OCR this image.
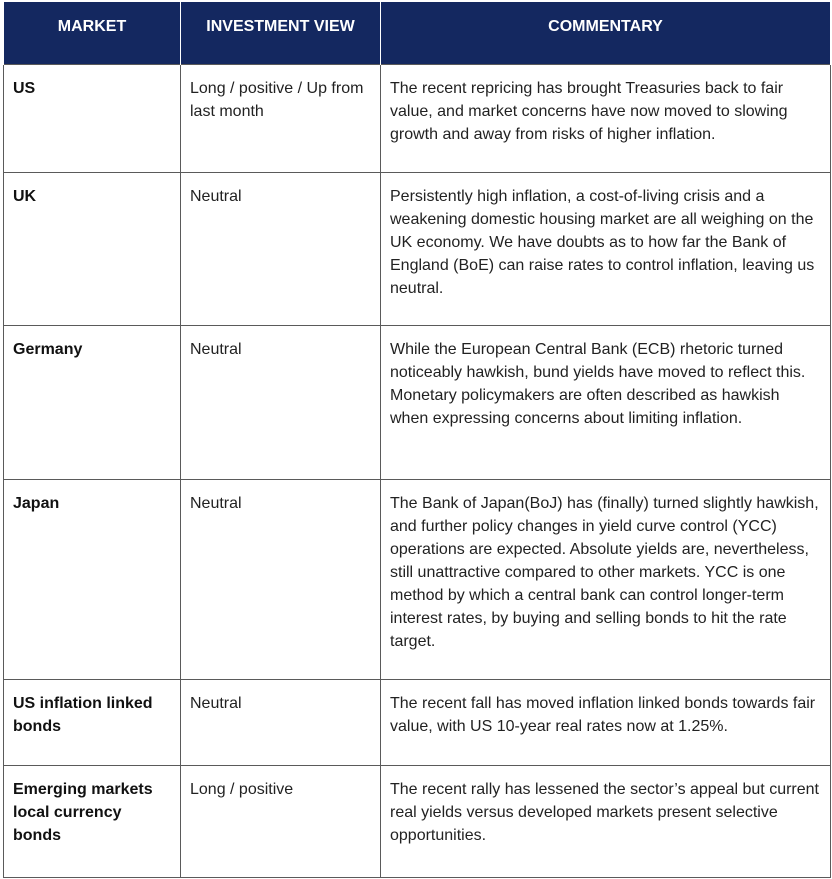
MARKET	INVESTMENT VIEW	COMMENTARY
US	Long / positive / Up from last month	The recent repricing has brought Treasuries back to fair value, and market concerns have now moved to slowing growth and away from risks of higher inflation.
UK	Neutral	Persistently high inflation, a cost-of-living crisis and a weakening domestic housing market are all weighing on the UK economy. We have doubts as to how far the Bank of England (BoE) can raise rates to control inflation, leaving us neutral.
Germany	Neutral	While the European Central Bank (ECB) rhetoric turned noticeably hawkish, bund yields have moved to reflect this. Monetary policymakers are often described as hawkish when expressing concerns about limiting inflation.
Japan	Neutral	The Bank of Japan(BoJ) has (finally) turned slightly hawkish, and further policy changes in yield curve control (YCC) operations are expected. Absolute yields are, nevertheless, still unattractive compared to other markets. YCC is one method by which a central bank can control longer-term interest rates, by buying and selling bonds to hit the rate target.
US inflation linked bonds	Neutral	The recent fall has moved inflation linked bonds towards fair value, with US 10-year real rates now at 1.25%.
Emerging markets local currency bonds	Long / positive	The recent rally has lessened the sector’s appeal but current real yields versus developed markets present selective opportunities.
